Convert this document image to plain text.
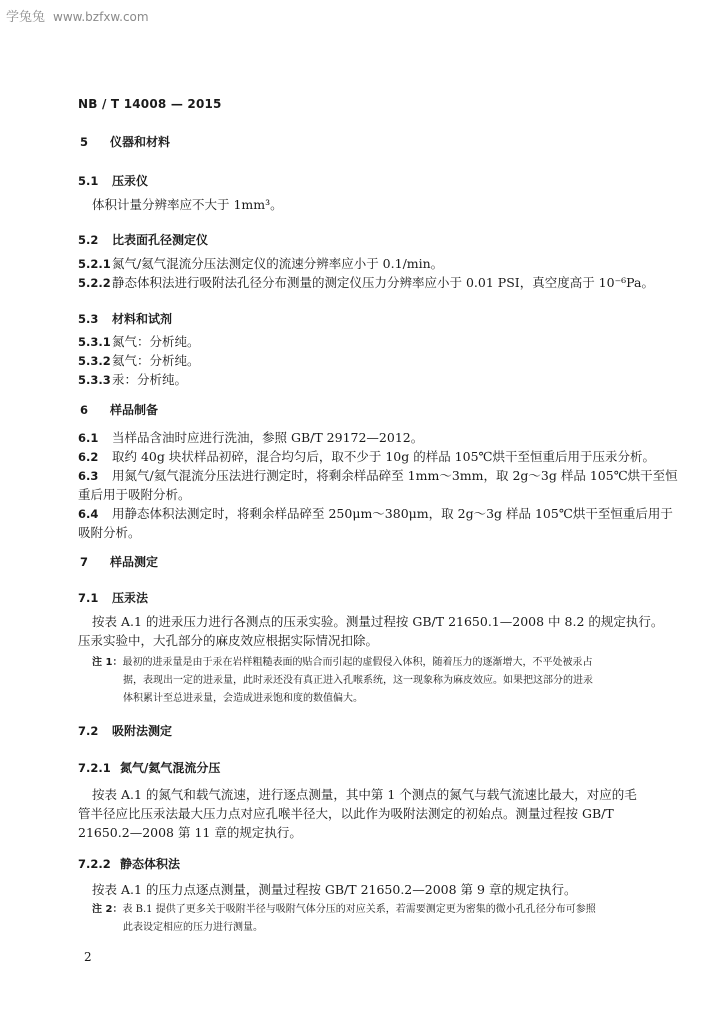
学兔兔 www.bzfxw.com
NB / T 14008 — 2015
5 仪器和材料
5.1 压汞仪
体积计量分辨率应不大于 1mm³。
5.2 比表面孔径测定仪
5.2.1氮气/氦气混流分压法测定仪的流速分辨率应小于 0.1/min。
5.2.2静态体积法进行吸附法孔径分布测量的测定仪压力分辨率应小于 0.01 PSI，真空度高于 10⁻⁶Pa。
5.3 材料和试剂
5.3.1氮气：分析纯。
5.3.2氦气：分析纯。
5.3.3汞：分析纯。
6 样品制备
6.1 当样品含油时应进行洗油，参照 GB/T 29172—2012。
6.2 取约 40g 块状样品初碎，混合均匀后，取不少于 10g 的样品 105℃烘干至恒重后用于压汞分析。
6.3 用氮气/氦气混流分压法进行测定时，将剩余样品碎至 1mm～3mm，取 2g～3g 样品 105℃烘干至恒
重后用于吸附分析。
6.4 用静态体积法测定时，将剩余样品碎至 250μm～380μm，取 2g～3g 样品 105℃烘干至恒重后用于
吸附分析。
7 样品测定
7.1 压汞法
按表 A.1 的进汞压力进行各测点的压汞实验。测量过程按 GB/T 21650.1—2008 中 8.2 的规定执行。
压汞实验中，大孔部分的麻皮效应根据实际情况扣除。
注 1：最初的进汞量是由于汞在岩样粗糙表面的贴合而引起的虚假侵入体积，随着压力的逐渐增大，不平处被汞占
据，表现出一定的进汞量，此时汞还没有真正进入孔喉系统，这一现象称为麻皮效应。如果把这部分的进汞
体积累计至总进汞量，会造成进汞饱和度的数值偏大。
7.2 吸附法测定
7.2.1 氮气/氦气混流分压
按表 A.1 的氮气和载气流速，进行逐点测量，其中第 1 个测点的氮气与载气流速比最大，对应的毛
管半径应比压汞法最大压力点对应孔喉半径大，以此作为吸附法测定的初始点。测量过程按 GB/T
21650.2—2008 第 11 章的规定执行。
7.2.2 静态体积法
按表 A.1 的压力点逐点测量，测量过程按 GB/T 21650.2—2008 第 9 章的规定执行。
注 2：表 B.1 提供了更多关于吸附半径与吸附气体分压的对应关系，若需要测定更为密集的微小孔孔径分布可参照
此表设定相应的压力进行测量。
2
